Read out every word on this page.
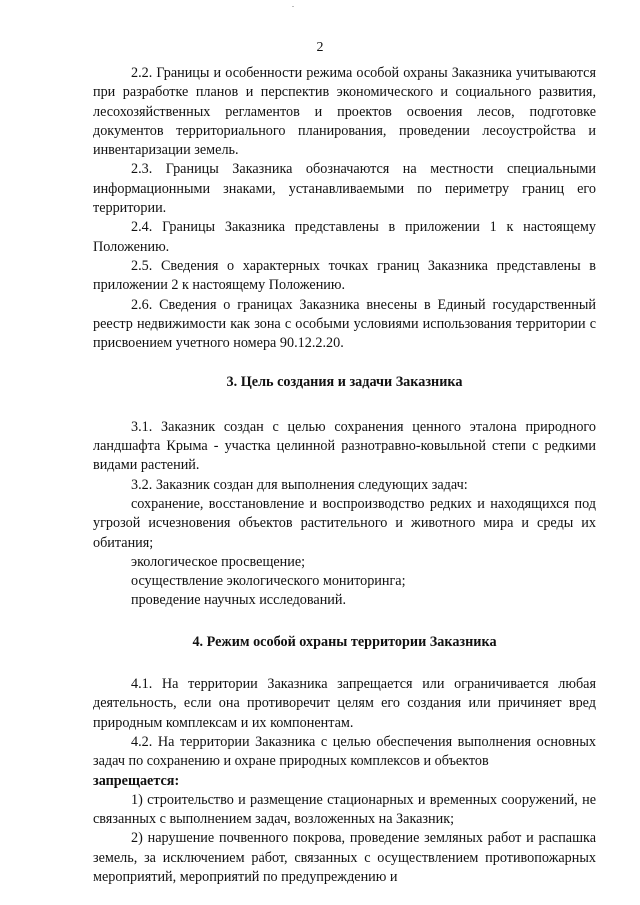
2

2.2. Границы и особенности режима особой охраны Заказника учитываются при разработке планов и перспектив экономического и социального развития, лесохозяйственных регламентов и проектов освоения лесов, подготовке документов территориального планирования, проведении лесоустройства и инвентаризации земель.

2.3. Границы Заказника обозначаются на местности специальными информационными знаками, устанавливаемыми по периметру границ его территории.

2.4. Границы Заказника представлены в приложении 1 к настоящему Положению.

2.5. Сведения о характерных точках границ Заказника представлены в приложении 2 к настоящему Положению.

2.6. Сведения о границах Заказника внесены в Единый государственный реестр недвижимости как зона с особыми условиями использования территории с присвоением учетного номера 90.12.2.20.

3. Цель создания и задачи Заказника

3.1. Заказник создан с целью сохранения ценного эталона природного ландшафта Крыма - участка целинной разнотравно-ковыльной степи с редкими видами растений.

3.2. Заказник создан для выполнения следующих задач:

сохранение, восстановление и воспроизводство редких и находящихся под угрозой исчезновения объектов растительного и животного мира и среды их обитания;

экологическое просвещение;

осуществление экологического мониторинга;

проведение научных исследований.

4. Режим особой охраны территории Заказника

4.1. На территории Заказника запрещается или ограничивается любая деятельность, если она противоречит целям его создания или причиняет вред природным комплексам и их компонентам.

4.2. На территории Заказника с целью обеспечения выполнения основных задач по сохранению и охране природных комплексов и объектов
запрещается:

1) строительство и размещение стационарных и временных сооружений, не связанных с выполнением задач, возложенных на Заказник;

2) нарушение почвенного покрова, проведение земляных работ и распашка земель, за исключением работ, связанных с осуществлением противопожарных мероприятий, мероприятий по предупреждению и
